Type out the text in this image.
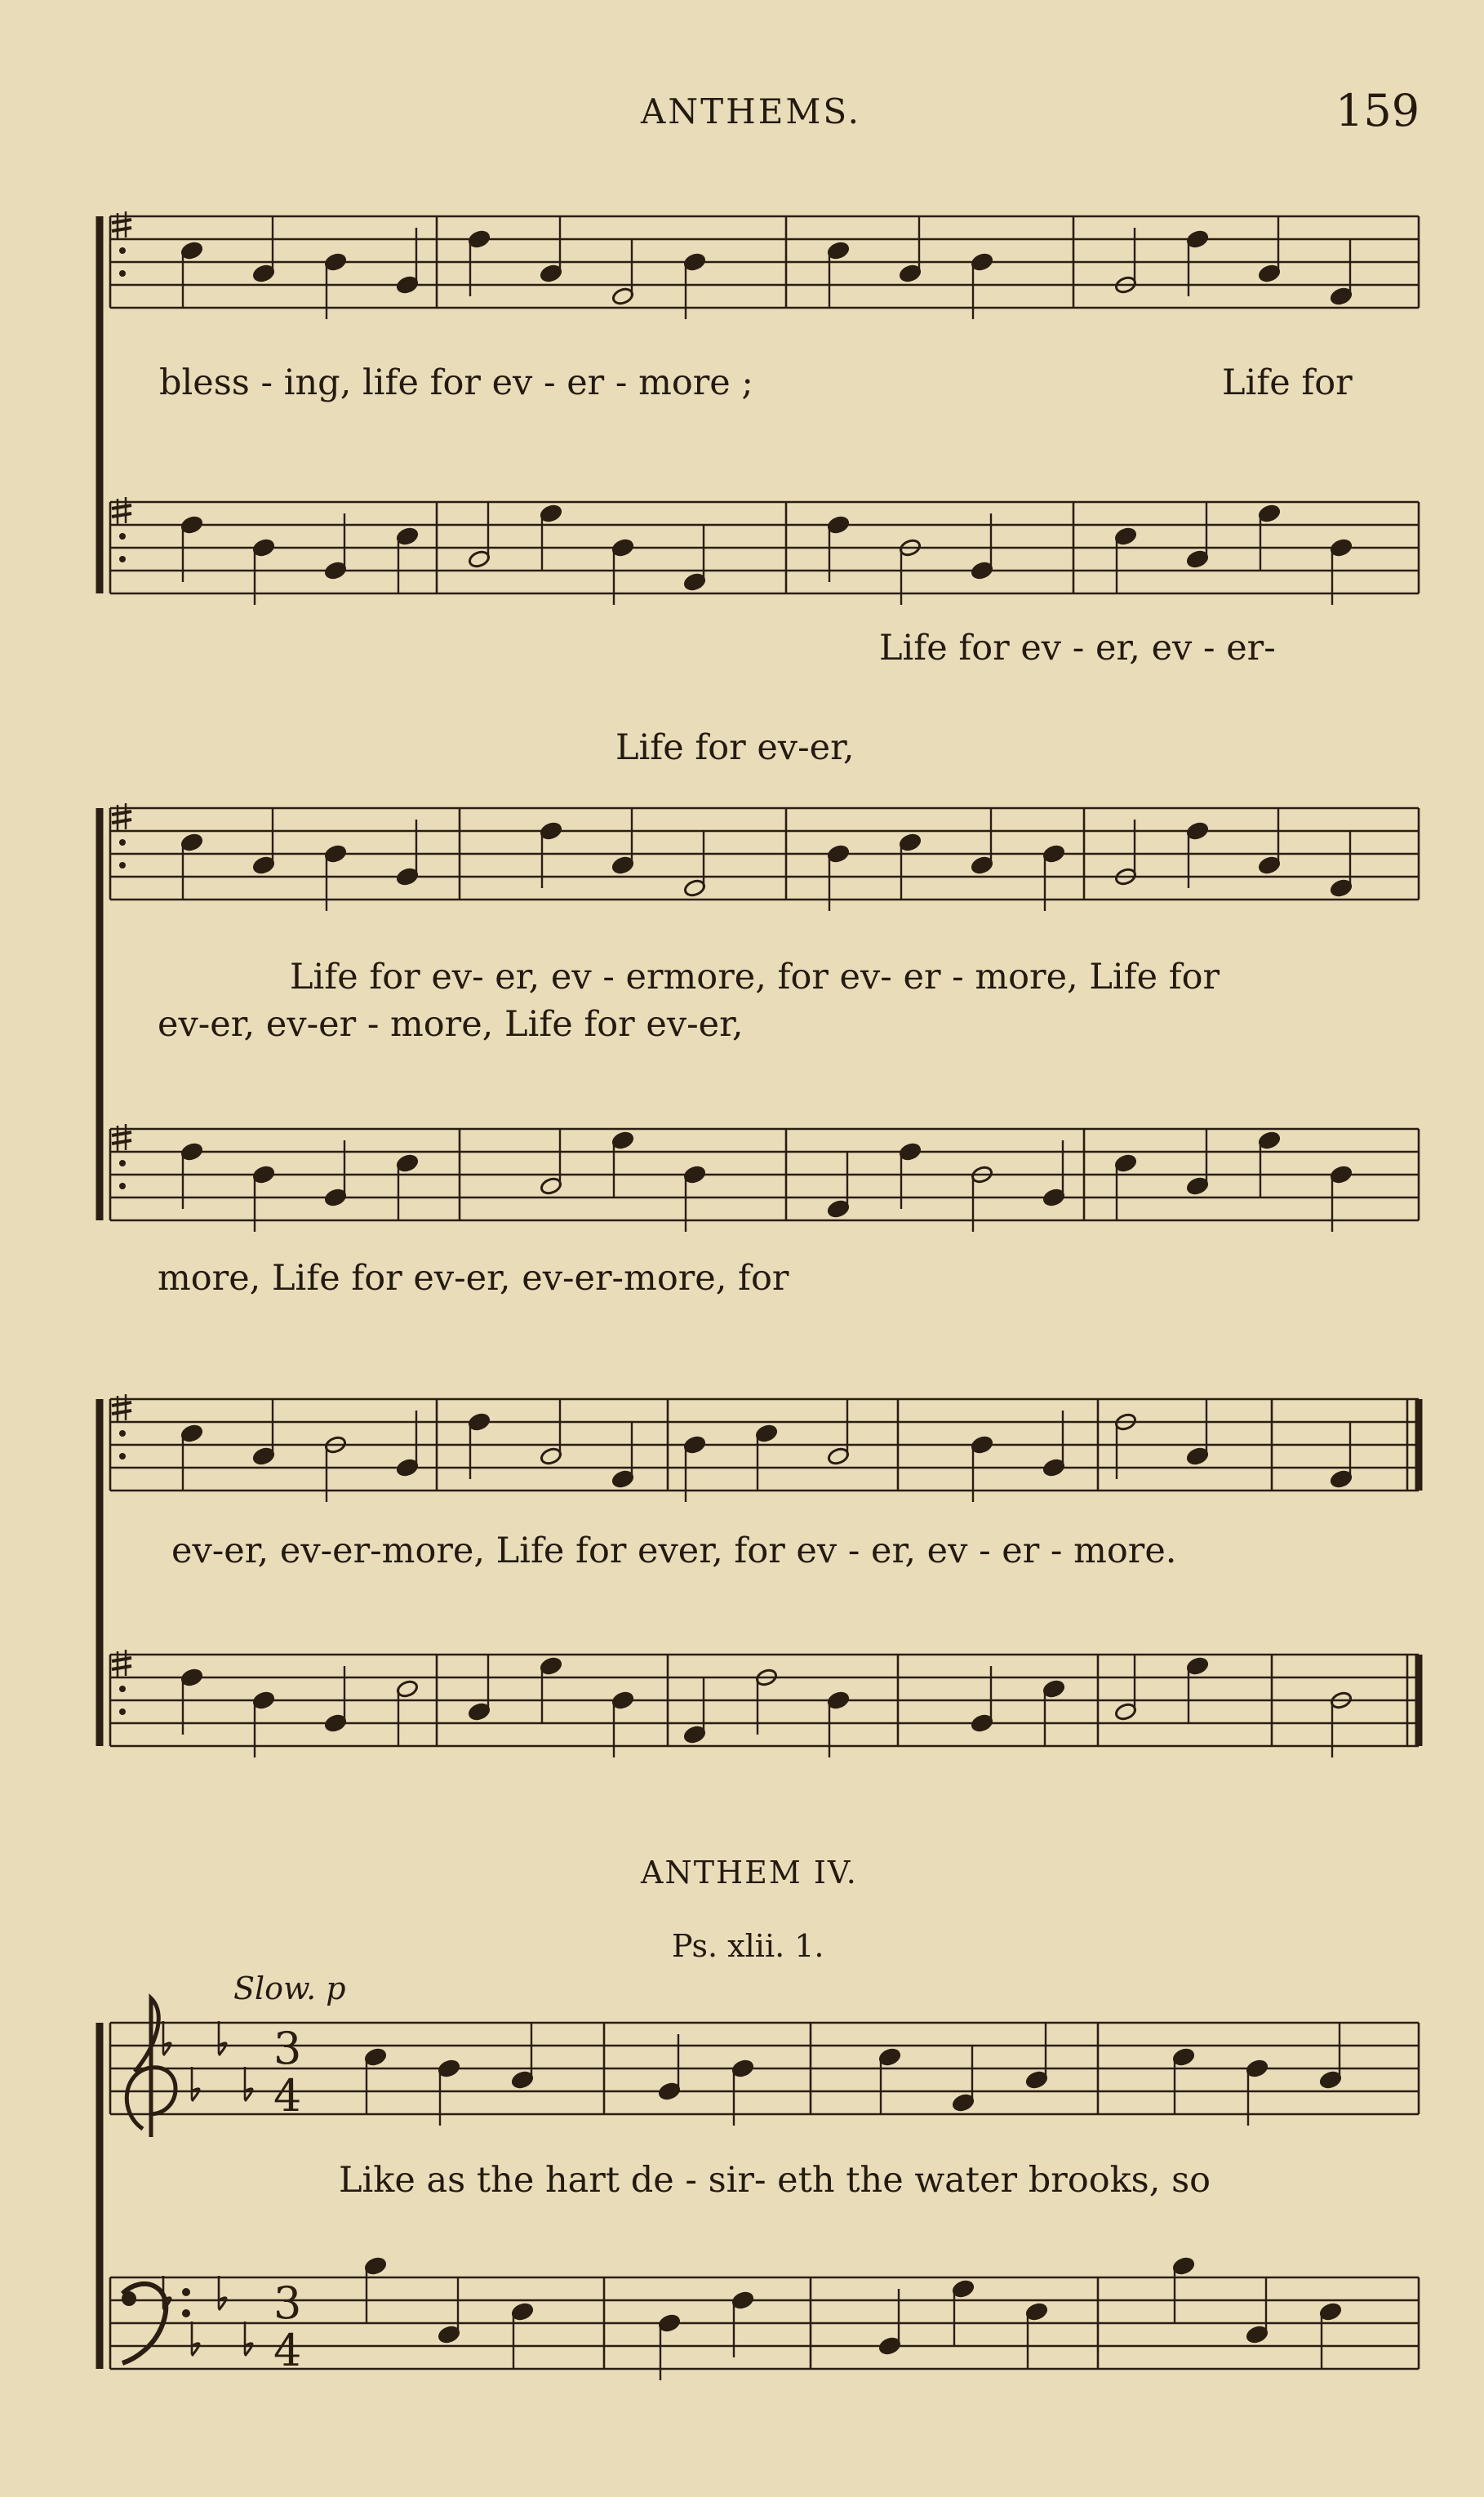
ANTHEMS.	159
3
4
3
4
bless - ing, life for ev - er - more ;	Life for
Life for ev - er, ev - er-
Life for ev-er,
Life for ev- er, ev - ermore, for ev- er - more, Life for
ev-er, ev-er - more, Life for ev-er,
more, Life for ev-er, ev-er-more, for
ev-er, ev-er-more, Life for ever, for ev - er, ev - er - more.
ANTHEM IV.
Ps. xlii. 1.
Slow. p
Like as the hart de - sir- eth the water brooks, so
